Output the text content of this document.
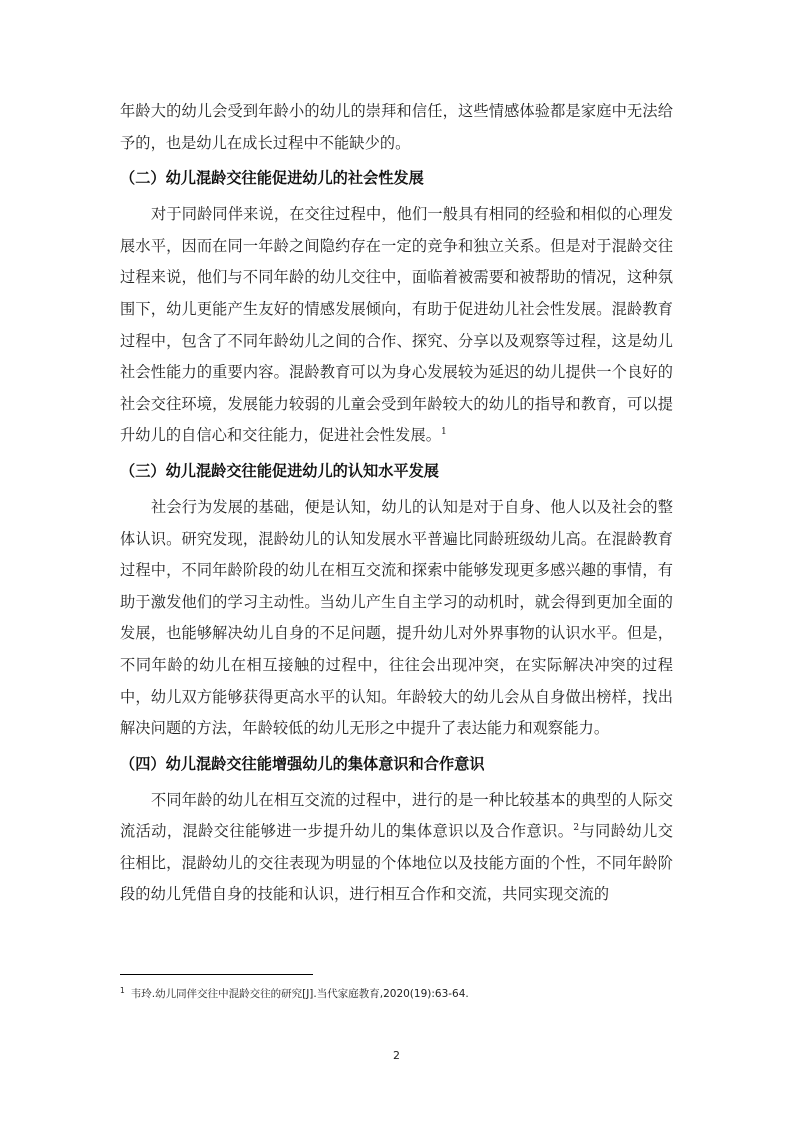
年龄大的幼儿会受到年龄小的幼儿的崇拜和信任，这些情感体验都是家庭中无法给予的，也是幼儿在成长过程中不能缺少的。

（二）幼儿混龄交往能促进幼儿的社会性发展

对于同龄同伴来说，在交往过程中，他们一般具有相同的经验和相似的心理发展水平，因而在同一年龄之间隐约存在一定的竞争和独立关系。但是对于混龄交往过程来说，他们与不同年龄的幼儿交往中，面临着被需要和被帮助的情况，这种氛围下，幼儿更能产生友好的情感发展倾向，有助于促进幼儿社会性发展。混龄教育过程中，包含了不同年龄幼儿之间的合作、探究、分享以及观察等过程，这是幼儿社会性能力的重要内容。混龄教育可以为身心发展较为延迟的幼儿提供一个良好的社会交往环境，发展能力较弱的儿童会受到年龄较大的幼儿的指导和教育，可以提升幼儿的自信心和交往能力，促进社会性发展。$^1$

（三）幼儿混龄交往能促进幼儿的认知水平发展

社会行为发展的基础，便是认知，幼儿的认知是对于自身、他人以及社会的整体认识。研究发现，混龄幼儿的认知发展水平普遍比同龄班级幼儿高。在混龄教育过程中，不同年龄阶段的幼儿在相互交流和探索中能够发现更多感兴趣的事情，有助于激发他们的学习主动性。当幼儿产生自主学习的动机时，就会得到更加全面的发展，也能够解决幼儿自身的不足问题，提升幼儿对外界事物的认识水平。但是，不同年龄的幼儿在相互接触的过程中，往往会出现冲突，在实际解决冲突的过程中，幼儿双方能够获得更高水平的认知。年龄较大的幼儿会从自身做出榜样，找出解决问题的方法，年龄较低的幼儿无形之中提升了表达能力和观察能力。

（四）幼儿混龄交往能增强幼儿的集体意识和合作意识

不同年龄的幼儿在相互交流的过程中，进行的是一种比较基本的典型的人际交流活动，混龄交往能够进一步提升幼儿的集体意识以及合作意识。$^2$与同龄幼儿交往相比，混龄幼儿的交往表现为明显的个体地位以及技能方面的个性，不同年龄阶段的幼儿凭借自身的技能和认识，进行相互合作和交流，共同实现交流的

$^1$ 韦玲.幼儿同伴交往中混龄交往的研究[J].当代家庭教育,2020(19):63-64.
2
